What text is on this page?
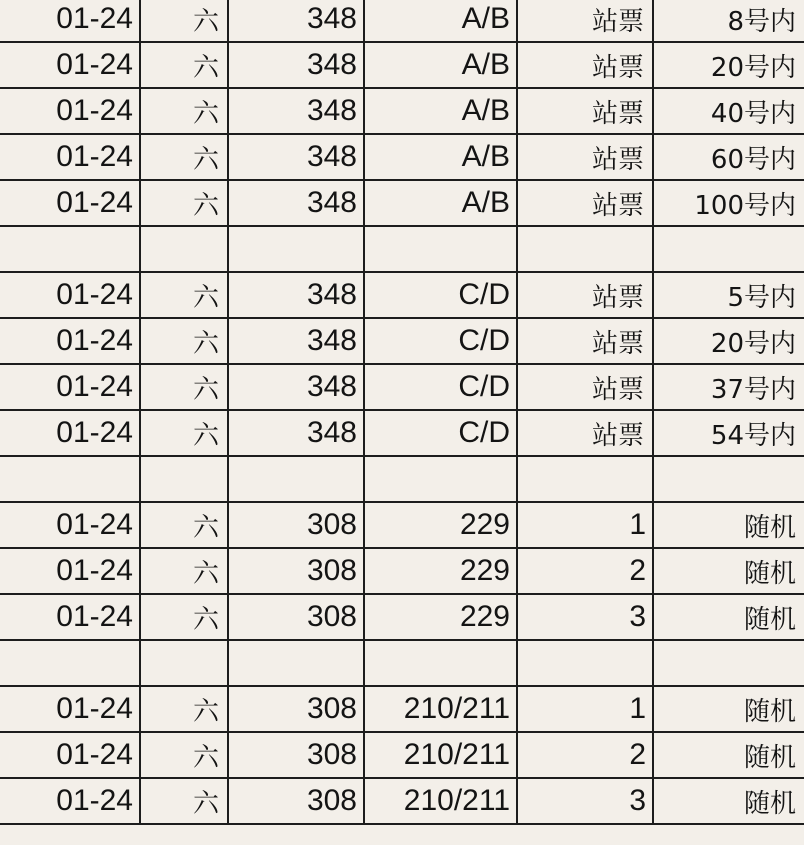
01-24	六	348	A/B	站票	8号内
01-24	六	348	A/B	站票	20号内
01-24	六	348	A/B	站票	40号内
01-24	六	348	A/B	站票	60号内
01-24	六	348	A/B	站票	100号内

01-24	六	348	C/D	站票	5号内
01-24	六	348	C/D	站票	20号内
01-24	六	348	C/D	站票	37号内
01-24	六	348	C/D	站票	54号内

01-24	六	308	229	1	随机
01-24	六	308	229	2	随机
01-24	六	308	229	3	随机

01-24	六	308	210/211	1	随机
01-24	六	308	210/211	2	随机
01-24	六	308	210/211	3	随机
